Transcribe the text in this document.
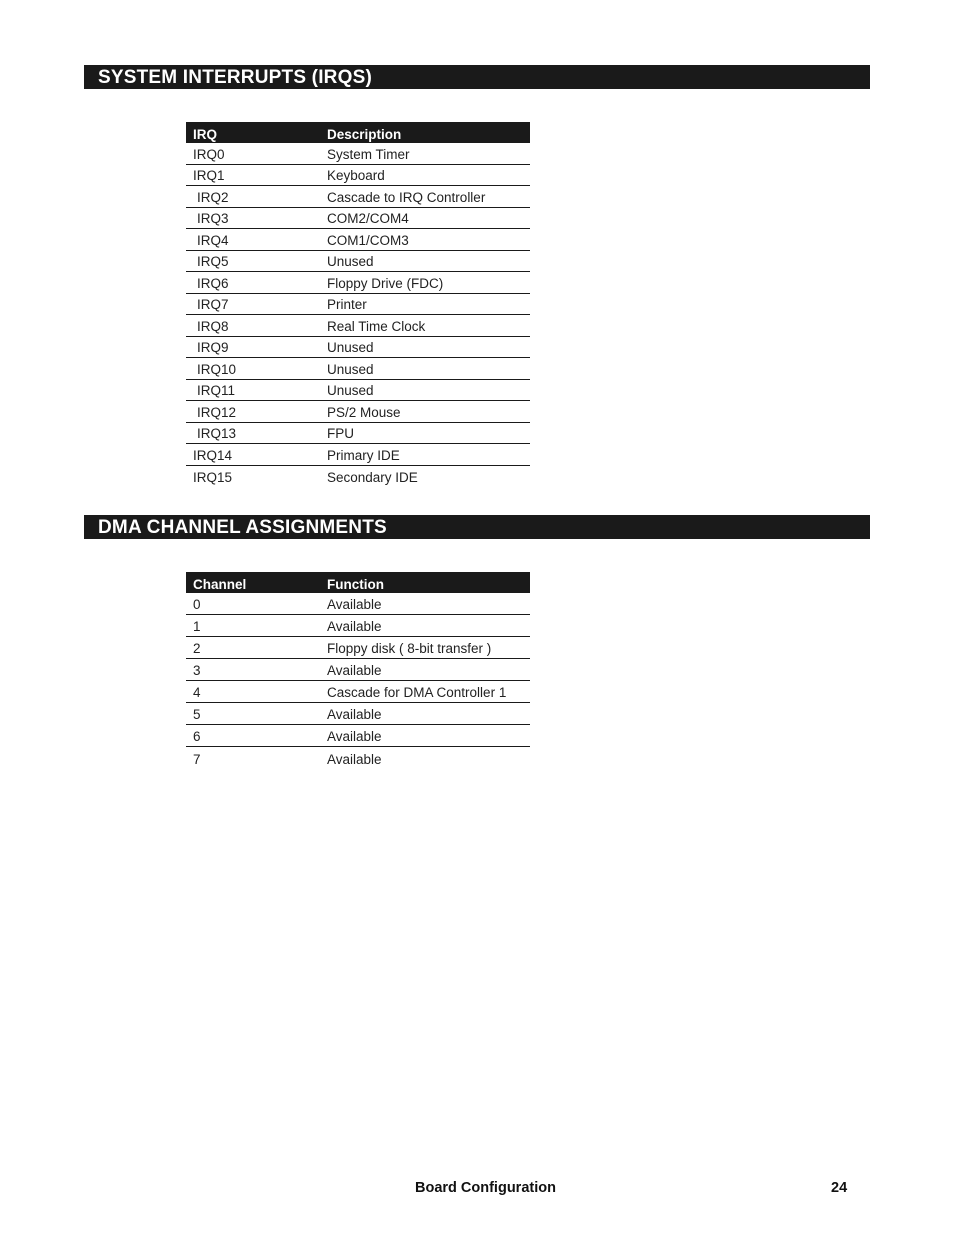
SYSTEM INTERRUPTS (IRQS)
IRQ	Description
IRQ0	System Timer
IRQ1	Keyboard
IRQ2	Cascade to IRQ Controller
IRQ3	COM2/COM4
IRQ4	COM1/COM3
IRQ5	Unused
IRQ6	Floppy Drive (FDC)
IRQ7	Printer
IRQ8	Real Time Clock
IRQ9	Unused
IRQ10	Unused
IRQ11	Unused
IRQ12	PS/2 Mouse
IRQ13	FPU
IRQ14	Primary IDE
IRQ15	Secondary IDE
DMA CHANNEL ASSIGNMENTS
Channel	Function
0	Available
1	Available
2	Floppy disk ( 8-bit transfer )
3	Available
4	Cascade for DMA Controller 1
5	Available
6	Available
7	Available
Board Configuration	24
